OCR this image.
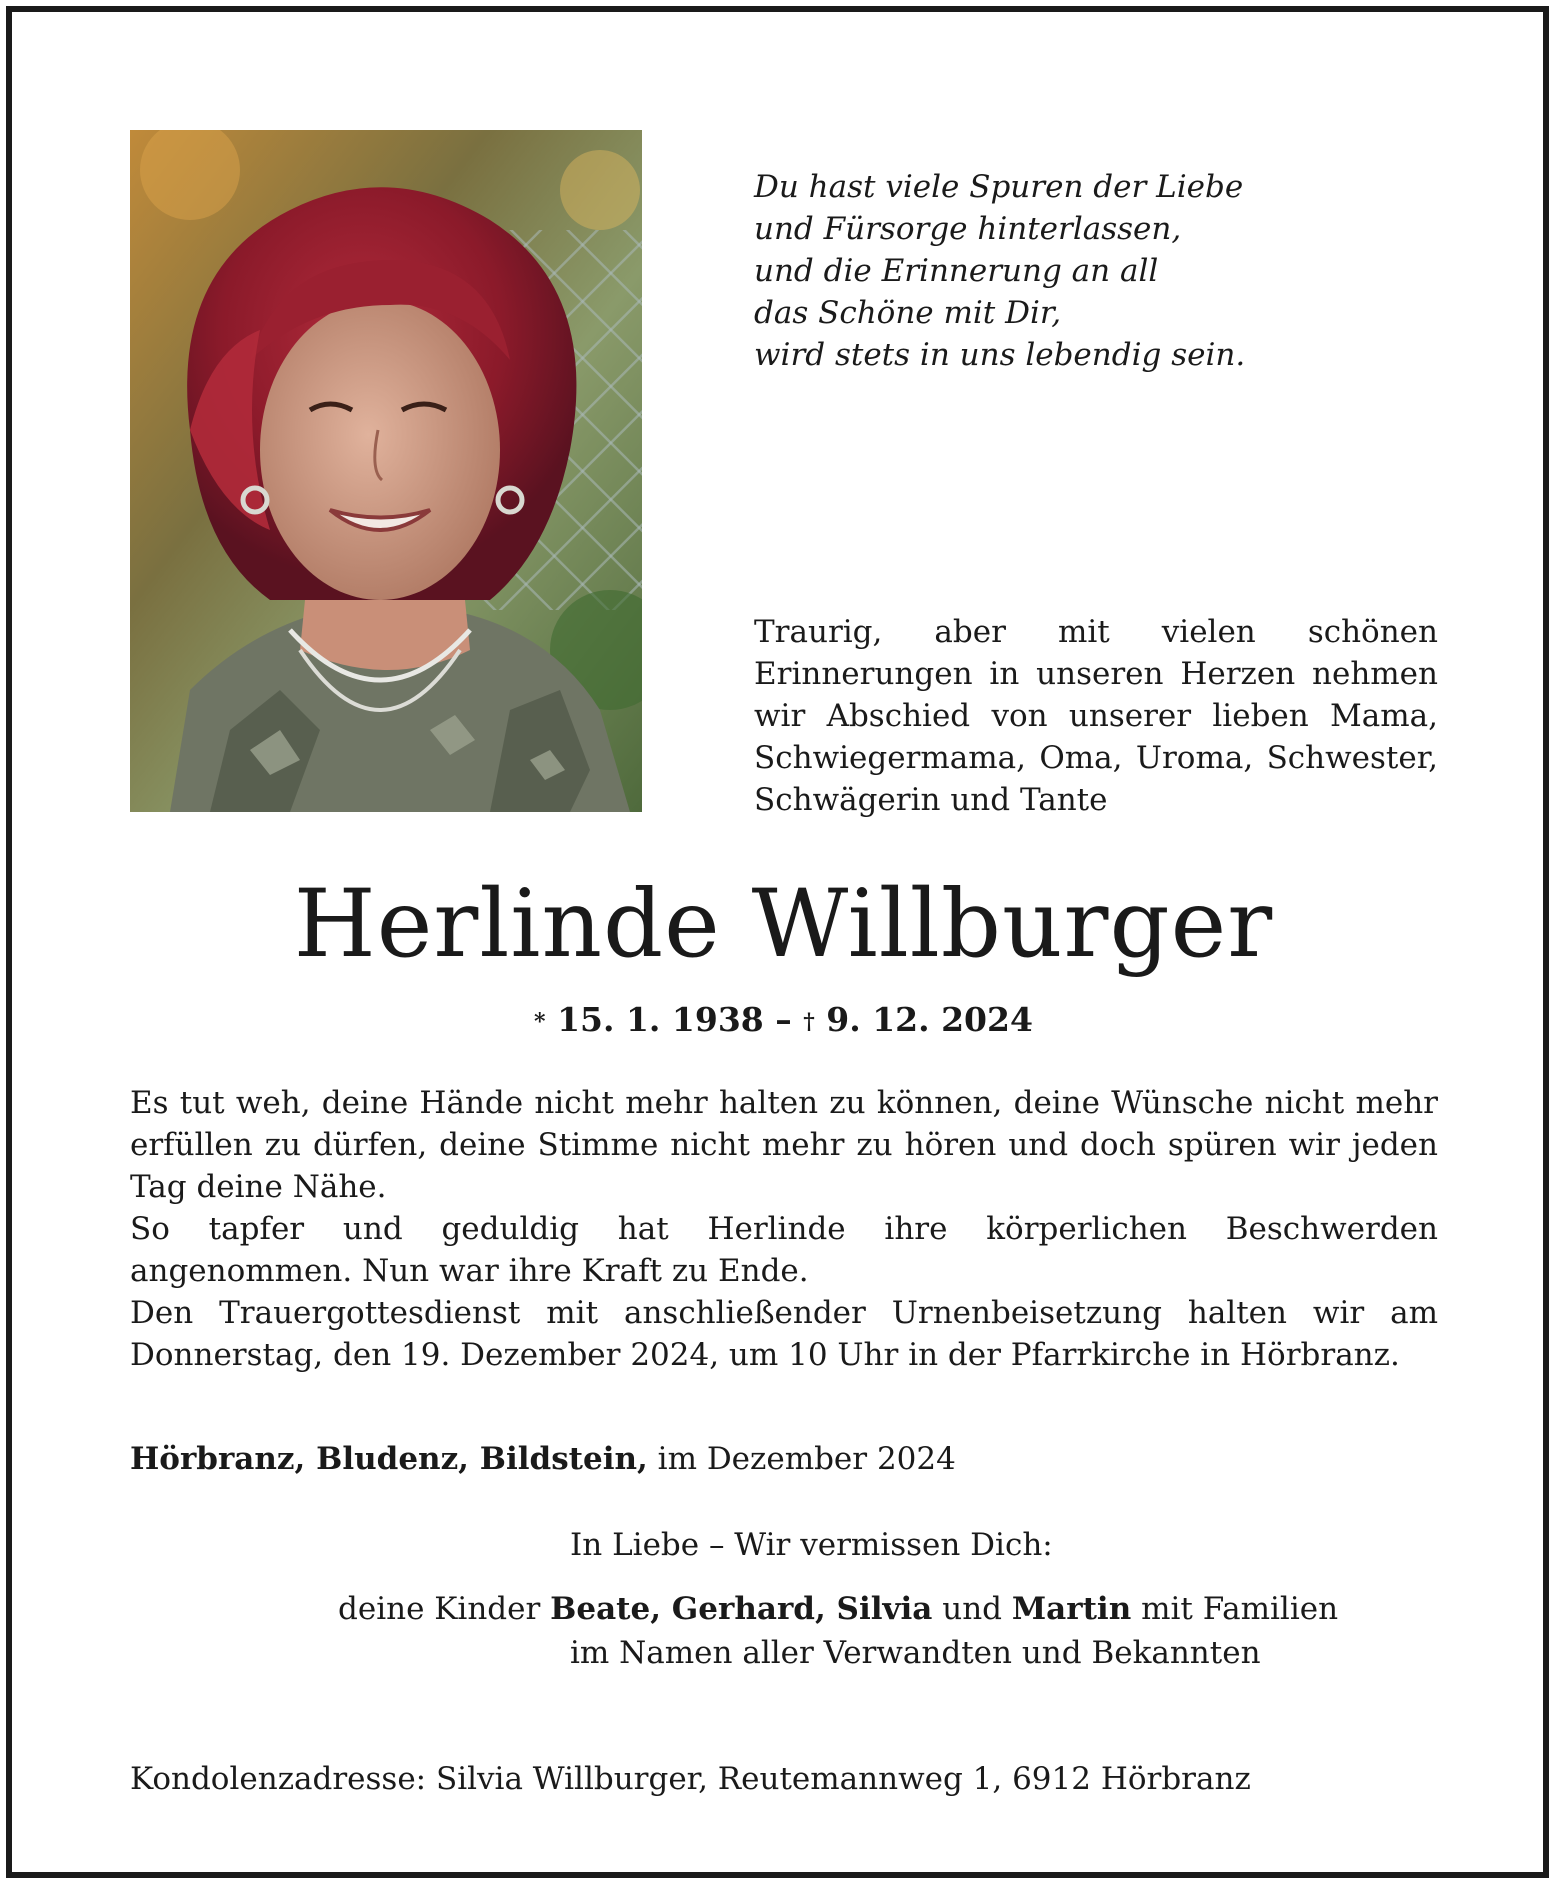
Du hast viele Spuren der Liebe
und Fürsorge hinterlassen,
und die Erinnerung an all
das Schöne mit Dir,
wird stets in uns lebendig sein.
Traurig, aber mit vielen schönen Erinnerungen in unseren Herzen nehmen wir Abschied von unserer lieben Mama, Schwiegermama, Oma, Uroma, Schwester, Schwägerin und Tante
Herlinde Willburger
* 15. 1. 1938 – † 9. 12. 2024

Es tut weh, deine Hände nicht mehr halten zu können, deine Wünsche nicht mehr erfüllen zu dürfen, deine Stimme nicht mehr zu hören und doch spüren wir jeden Tag deine Nähe.

So tapfer und geduldig hat Herlinde ihre körperlichen Beschwerden angenommen. Nun war ihre Kraft zu Ende.

Den Trauergottesdienst mit anschließender Urnenbeisetzung halten wir am Donnerstag, den 19. Dezember 2024, um 10 Uhr in der Pfarrkirche in Hörbranz.

Hörbranz, Bludenz, Bildstein, im Dezember 2024
In Liebe – Wir vermissen Dich:
deine Kinder Beate, Gerhard, Silvia und Martin mit Familien
im Namen aller Verwandten und Bekannten
Kondolenzadresse: Silvia Willburger, Reutemannweg 1, 6912 Hörbranz
